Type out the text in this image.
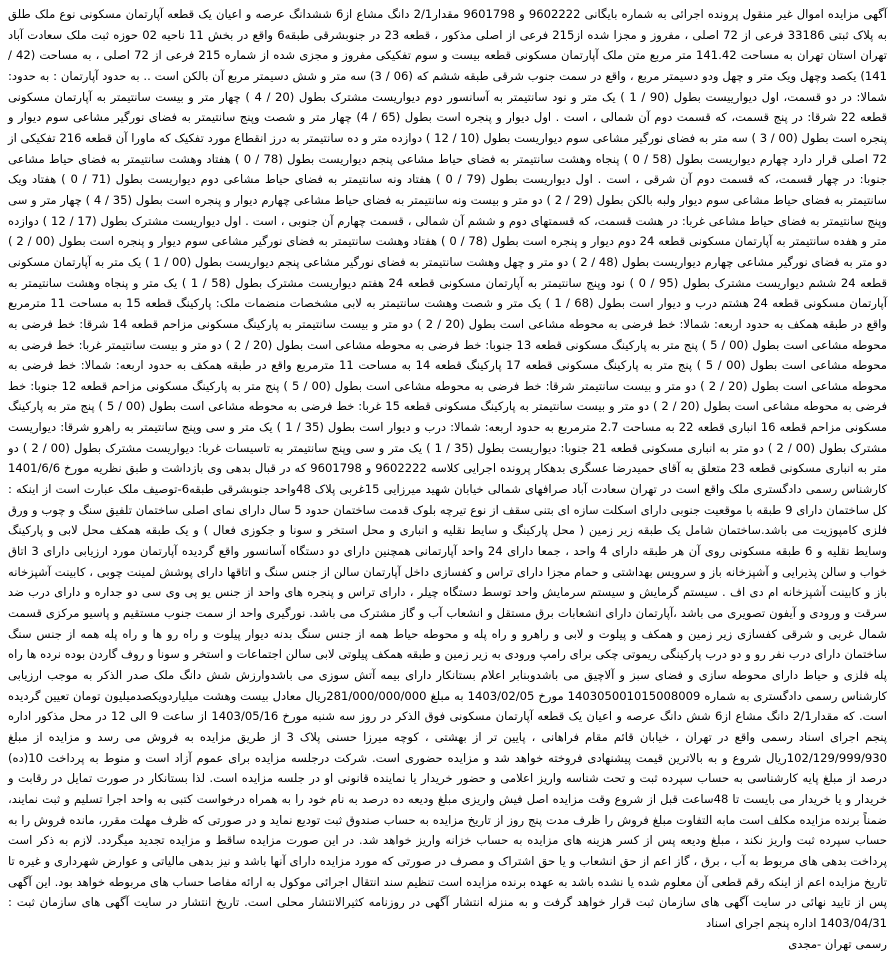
آگهی مزایده اموال غیر منقول پرونده اجرائی به شماره بایگانی 9602222 و 9601798 مقدار2/1 دانگ مشاع از6 ششدانگ عرصه و اعیان یک قطعه آپارتمان مسکونی نوع ملک طلق به پلاک ثبتی 33186 فرعی از 72 اصلی ، مفروز و مجزا شده از215 فرعی از اصلی مذکور ، قطعه 23 در جنوبشرقی طبقه6 واقع در بخش 11 ناحیه 02 حوزه ثبت ملک سعادت آباد تهران استان تهران به مساحت 141.42 متر مربع متن ملک آپارتمان مسکونی قطعه بیست و سوم تفکیکی مفروز و مجزی شده از شماره 215 فرعی از 72 اصلی ، به مساحت (42 / 141) یکصد وچهل ویک متر و چهل ودو دسیمتر مربع ، واقع در سمت جنوب شرقی طبقه ششم که (06 / 3) سه متر و شش دسیمتر مربع آن بالکن است .. به حدود آپارتمان : به حدود: شمالا: در دو قسمت، اول دیوارییست بطول (90 / 1 ) یک متر و نود سانتیمتر به آسانسور دوم دیواریست مشترک بطول (20 / 4 ) چهار متر و بیست سانتیمتر به آپارتمان مسکونی قطعه 22 شرقا: در پنج قسمت، که قسمت دوم آن شمالی ، است . اول دیوار و پنجره است بطول (65 / 4) چهار متر و شصت وپنج سانتیمتر به فضای نورگیر مشاعی سوم دیوار و پنجره است بطول (00 / 3 ) سه متر به فضای نورگیر مشاعی سوم دیواریست بطول (10 / 12 ) دوازده متر و ده سانتیمتر به درز انقطاع مورد تفکیک که ماورا آن قطعه 216 تفکیکی از 72 اصلی قرار دارد چهارم دیواریست بطول (58 / 0 ) پنجاه وهشت سانتیمتر به فضای حیاط مشاعی پنجم دیواریست بطول (78 / 0 ) هفتاد وهشت سانتیمتر به فضای حیاط مشاعی جنوبا: در چهار قسمت، که قسمت دوم آن شرقی ، است . اول دیواریست بطول (79 / 0 ) هفتاد ونه سانتیمتر به فضای حیاط مشاعی دوم دیواریست بطول (71 / 0 ) هفتاد ویک سانتیمتر به فضای حیاط مشاعی سوم دیوار ولبه بالکن بطول (29 / 2 ) دو متر و بیست ونه سانتیمتر به فضای حیاط مشاعی چهارم دیوار و پنجره است بطول (35 / 4 ) چهار متر و سی وپنج سانتیمتر به فضای حیاط مشاعی غربا: در هشت قسمت، که قسمتهای دوم و ششم آن شمالی ، قسمت چهارم آن جنوبی ، است . اول دیواریست مشترک بطول (17 / 12 ) دوازده متر و هفده سانتیمتر به آپارتمان مسکونی قطعه 24 دوم دیوار و پنجره است بطول (78 / 0 ) هفتاد وهشت سانتیمتر به فضای نورگیر مشاعی سوم دیوار و پنجره است بطول (00 / 2 ) دو متر به فضای نورگیر مشاعی چهارم دیواریست بطول (48 / 2 ) دو متر و چهل وهشت سانتیمتر به فضای نورگیر مشاعی پنجم دیواریست بطول (00 / 1 ) یک متر به آپارتمان مسکونی قطعه 24 ششم دیواریست مشترک بطول (95 / 0 ) نود وپنج سانتیمتر به آپارتمان مسکونی قطعه 24 هفتم دیواریست مشترک بطول (58 / 1 ) یک متر و پنجاه وهشت سانتیمتر به آپارتمان مسکونی قطعه 24 هشتم درب و دیوار است بطول (68 / 1 ) یک متر و شصت وهشت سانتیمتر به لابی مشخصات منضمات ملک: پارکینگ قطعه 15 به مساحت 11 مترمربع واقع در طبقه همکف به حدود اربعه: شمالا: خط فرضی به محوطه مشاعی است بطول (20 / 2 ) دو متر و بیست سانتیمتر به پارکینگ مسکونی مزاحم قطعه 14 شرقا: خط فرضی به محوطه مشاعی است بطول (00 / 5 ) پنج متر به پارکینگ مسکونی قطعه 13 جنوبا: خط فرضی به محوطه مشاعی است بطول (20 / 2 ) دو متر و بیست سانتیمتر غربا: خط فرضی به محوطه مشاعی است بطول (00 / 5 ) پنج متر به پارکینگ مسکونی قطعه 17 پارکینگ قطعه 14 به مساحت 11 مترمربع واقع در طبقه همکف به حدود اربعه: شمالا: خط فرضی به محوطه مشاعی است بطول (20 / 2 ) دو متر و بیست سانتیمتر شرقا: خط فرضی به محوطه مشاعی است بطول (00 / 5 ) پنج متر به پارکینگ مسکونی مزاحم قطعه 12 جنوبا: خط فرضی به محوطه مشاعی است بطول (20 / 2 ) دو متر و بیست سانتیمتر به پارکینگ مسکونی قطعه 15 غربا: خط فرضی به محوطه مشاعی است بطول (00 / 5 ) پنج متر به پارکینگ مسکونی مزاحم قطعه 16 انباری قطعه 22 به مساحت 2.7 مترمربع به حدود اربعه: شمالا: درب و دیوار است بطول (35 / 1 ) یک متر و سی وپنج سانتیمتر به راهرو شرقا: دیواریست مشترک بطول (00 / 2 ) دو متر به انباری مسکونی قطعه 21 جنوبا: دیواریست بطول (35 / 1 ) یک متر و سی وپنج سانتیمتر به تاسیسات غربا: دیواریست مشترک بطول (00 / 2 ) دو متر به انباری مسکونی قطعه 23 متعلق به آقای حمیدرضا عسگری بدهکار پرونده اجرایی کلاسه 9602222 و 9601798 که در قبال بدهی وی بازداشت و طبق نظریه مورخ 1401/6/6 کارشناس رسمی دادگستری ملک واقع است در تهران سعادت آباد صرافهای شمالی خیابان شهید میرزایی 15غربی پلاک 48واحد جنوبشرقی طبقه6-توصیف ملک عبارت است از اینکه : کل ساختمان دارای 9 طبقه با موقعیت جنوبی دارای اسکلت سازه ای بتنی سقف از نوع تیرچه بلوک قدمت ساختمان حدود 5 سال دارای نمای اصلی ساختمان تلفیق سنگ و چوب و ورق فلزی کامپوزیت می باشد.ساختمان شامل یک طبقه زیر زمین ( محل پارکینگ و سایط نقلیه و انباری و محل استخر و سونا و جکوزی فعال ) و یک طبقه همکف محل لابی و پارکینگ وسایط نقلیه و 6 طبقه مسکونی روی آن هر طبقه دارای 4 واحد ، جمعا دارای 24 واحد آپارتمانی همچنین دارای دو دستگاه آسانسور واقع گردیده آپارتمان مورد ارزیابی دارای 3 اتاق خواب و سالن پذیرایی و آشپزخانه باز و سرویس بهداشتی و حمام مجزا دارای تراس و کفسازی داخل آپارتمان سالن از جنس سنگ و اتاقها دارای پوشش لمینت چوبی ، کابینت آشپزخانه باز و کابینت آشپزخانه ام دی اف . سیستم گرمایش و سیستم سرمایش واحد توسط دستگاه چیلر ، دارای تراس و پنجره های واحد از جنس یو پی وی سی دو جداره و دارای درب ضد سرقت و ورودی و آیفون تصویری می باشد ،آپارتمان دارای انشعابات برق مستقل و انشعاب آب و گاز مشترک می باشد. نورگیری واحد از سمت جنوب مستقیم و پاسیو مرکزی قسمت شمال غربی و شرقی کفسازی زیر زمین و همکف و پیلوت و لابی و راهرو و راه پله و محوطه حیاط همه از جنس سنگ بدنه دیوار پیلوت و راه رو ها و راه پله همه از جنس سنگ ساختمان دارای درب نفر رو و دو درب پارکینگی ریموتی چکی برای رامپ ورودی به زیر زمین و طبقه همکف پیلوتی لابی سالن اجتماعات و استخر و سونا و روف گاردن بوده نرده ها راه پله فلزی و حیاط دارای محوطه سازی و فضای سبز و آلاچیق می باشدوبنابر اعلام بستانکار دارای بیمه آتش سوزی می باشدوارزش شش دانگ ملک صدر الذکر به موجب ارزیابی کارشناس رسمی دادگستری به شماره 140305001015008009 مورخ 1403/02/05 به مبلغ 281/000/000/000ریال معادل بیست وهشت میلیاردویکصدمیلیون تومان تعیین گردیده است. که مقدار2/1 دانگ مشاع از6 شش دانگ عرصه و اعیان یک قطعه آپارتمان مسکونی فوق الذکر در روز سه شنبه مورخ 1403/05/16 از ساعت 9 الی 12 در محل مذکور اداره پنجم اجرای اسناد رسمی واقع در تهران ، خیابان قائم مقام فراهانی ، پایین تر از بهشتی ، کوچه میرزا حسنی پلاک 3 از طریق مزایده به فروش می رسد و مزایده از مبلغ 102/129/999/930ریال شروع و به بالاترین قیمت پیشنهادی فروخته خواهد شد و مزایده حضوری است. شرکت درجلسه مزایده برای عموم آزاد است و منوط به پرداخت 10(ده) درصد از مبلغ پایه کارشناسی به حساب سپرده ثبت و تحت شناسه واریز اعلامی و حضور خریدار یا نماینده قانونی او در جلسه مزایده است. لذا بستانکار در صورت تمایل در رقابت و خریدار و یا خریدار می بایست تا 48ساعت قبل از شروع وقت مزایده اصل فیش واریزی مبلغ ودیعه ده درصد به نام خود را به همراه درخواست کتبی به واحد اجرا تسلیم و ثبت نمایند، ضمناً برنده مزایده مکلف است مابه التفاوت مبلغ فروش را ظرف مدت پنج روز از تاریخ مزایده به حساب صندوق ثبت تودیع نماید و در صورتی که ظرف مهلت مقرر، مانده فروش را به حساب سپرده ثبت واریز نکند ، مبلغ ودیعه پس از کسر هزینه های مزایده به حساب خزانه واریز خواهد شد. در این صورت مزایده ساقط و مزایده تجدید میگردد. لازم به ذکر است پرداخت بدهی های مربوط به آب ، برق ، گاز اعم از حق انشعاب و یا حق اشتراک و مصرف در صورتی که مورد مزایده دارای آنها باشد و نیز بدهی مالیاتی و عوارض شهرداری و غیره تا تاریخ مزایده اعم از اینکه رقم قطعی آن معلوم شده یا نشده باشد به عهده برنده مزایده است تنظیم سند انتقال اجرائی موکول به ارائه مفاصا حساب های مربوطه خواهد بود. این آگهی پس از تایید نهائی در سایت آگهی های سازمان ثبت قرار خواهد گرفت و به منزله انتشار آگهی در روزنامه کثیرالانتشار محلی است. تاریخ انتشار در سایت آگهی های سازمان ثبت : 1403/04/31 اداره پنجم اجرای اسناد
رسمی تهران -مجدی
